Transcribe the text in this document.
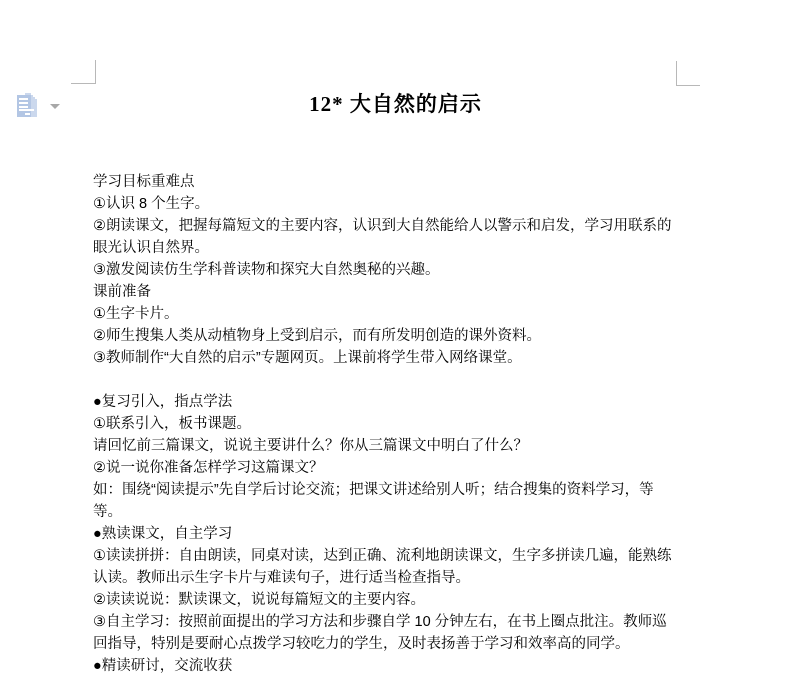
12* 大自然的启示
学习目标重难点
①认识 8 个生字。
②朗读课文，把握每篇短文的主要内容，认识到大自然能给人以警示和启发，学习用联系的
眼光认识自然界。
③激发阅读仿生学科普读物和探究大自然奥秘的兴趣。
课前准备
①生字卡片。
②师生搜集人类从动植物身上受到启示，而有所发明创造的课外资料。
③教师制作“大自然的启示”专题网页。上课前将学生带入网络课堂。

●复习引入，指点学法
①联系引入，板书课题。
请回忆前三篇课文，说说主要讲什么？你从三篇课文中明白了什么？
②说一说你准备怎样学习这篇课文？
如：围绕“阅读提示”先自学后讨论交流；把课文讲述给别人听；结合搜集的资料学习，等
等。
●熟读课文，自主学习
①读读拼拼：自由朗读，同桌对读，达到正确、流利地朗读课文，生字多拼读几遍，能熟练
认读。教师出示生字卡片与难读句子，进行适当检查指导。
②读读说说：默读课文，说说每篇短文的主要内容。
③自主学习：按照前面提出的学习方法和步骤自学 10 分钟左右，在书上圈点批注。教师巡
回指导，特别是要耐心点拨学习较吃力的学生，及时表扬善于学习和效率高的同学。
●精读研讨，交流收获
